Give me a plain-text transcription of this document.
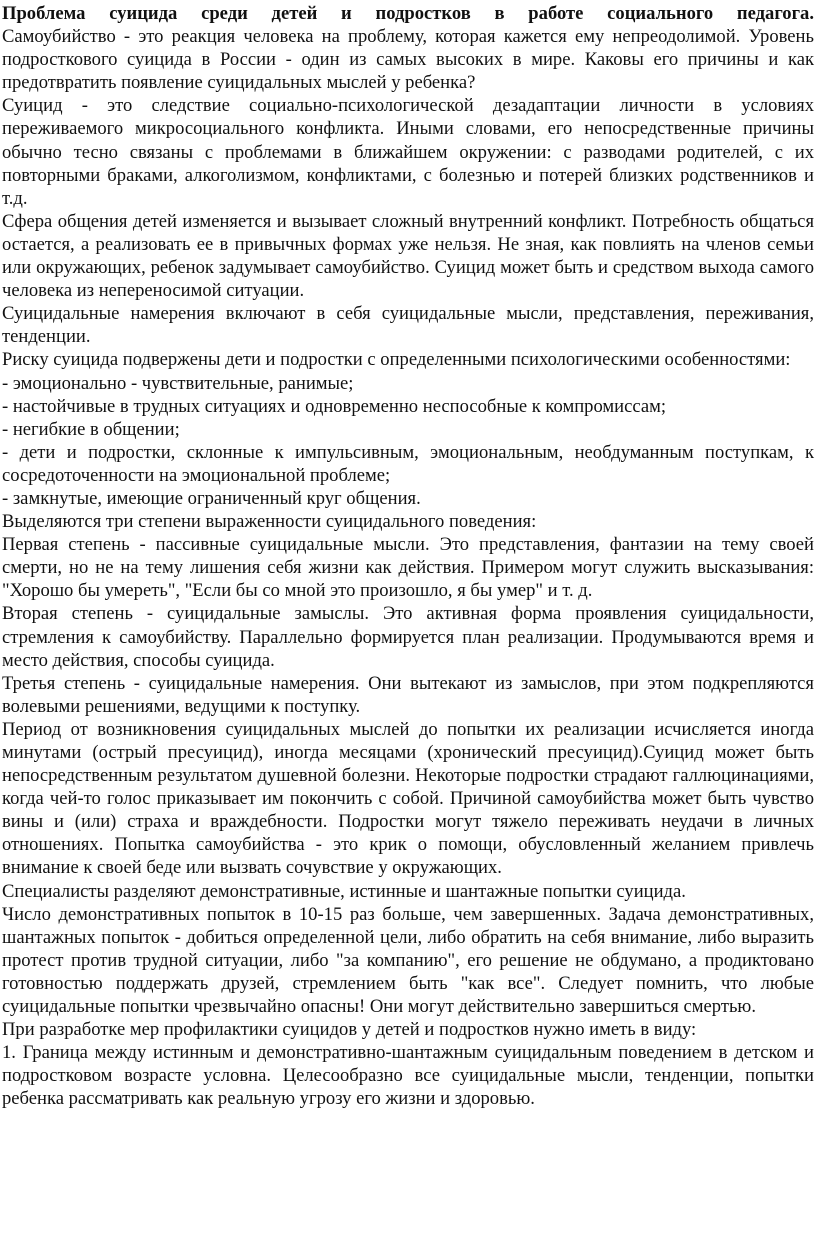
Проблема суицида среди детей и подростков в работе социального педагога.

Самоубийство - это реакция человека на проблему, которая кажется ему непреодолимой. Уровень подросткового суицида в России - один из самых высоких в мире. Каковы его причины и как предотвратить появление суицидальных мыслей у ребенка?

Суицид - это следствие социально-психологической дезадаптации личности в условиях переживаемого микросоциального конфликта. Иными словами, его непосредственные причины обычно тесно связаны с проблемами в ближайшем окружении: с разводами родителей, с их повторными браками, алкоголизмом, конфликтами, с болезнью и потерей близких родственников и т.д.

Сфера общения детей изменяется и вызывает сложный внутренний конфликт. Потребность общаться остается, а реализовать ее в привычных формах уже нельзя. Не зная, как повлиять на членов семьи или окружающих, ребенок задумывает самоубийство. Суицид может быть и средством выхода самого человека из непереносимой ситуации.

Суицидальные намерения включают в себя суицидальные мысли, представления, переживания, тенденции.

Риску суицида подвержены дети и подростки с определенными психологическими особенностями:

- эмоционально - чувствительные, ранимые;

- настойчивые в трудных ситуациях и одновременно неспособные к компромиссам;

- негибкие в общении;

- дети и подростки, склонные к импульсивным, эмоциональным, необдуманным поступкам, к сосредоточенности на эмоциональной проблеме;

- замкнутые, имеющие ограниченный круг общения.

Выделяются три степени выраженности суицидального поведения:

Первая степень - пассивные суицидальные мысли. Это представления, фантазии на тему своей смерти, но не на тему лишения себя жизни как действия. Примером могут служить высказывания: "Хорошо бы умереть", "Если бы со мной это произошло, я бы умер" и т. д.

Вторая степень - суицидальные замыслы. Это активная форма проявления суицидальности, стремления к самоубийству. Параллельно формируется план реализации. Продумываются время и место действия, способы суицида.

Третья степень - суицидальные намерения. Они вытекают из замыслов, при этом подкрепляются волевыми решениями, ведущими к поступку.

Период от возникновения суицидальных мыслей до попытки их реализации исчисляется иногда минутами (острый пресуицид), иногда месяцами (хронический пресуицид).Суицид может быть непосредственным результатом душевной болезни. Некоторые подростки страдают галлюцинациями, когда чей-то голос приказывает им покончить с собой. Причиной самоубийства может быть чувство вины и (или) страха и враждебности. Подростки могут тяжело переживать неудачи в личных отношениях. Попытка самоубийства - это крик о помощи, обусловленный желанием привлечь внимание к своей беде или вызвать сочувствие у окружающих.

Специалисты разделяют демонстративные, истинные и шантажные попытки суицида.

Число демонстративных попыток в 10-15 раз больше, чем завершенных. Задача демонстративных, шантажных попыток - добиться определенной цели, либо обратить на себя внимание, либо выразить протест против трудной ситуации, либо "за компанию", его решение не обдумано, а продиктовано готовностью поддержать друзей, стремлением быть "как все". Следует помнить, что любые суицидальные попытки чрезвычайно опасны! Они могут действительно завершиться смертью.

При разработке мер профилактики суицидов у детей и подростков нужно иметь в виду:

1. Граница между истинным и демонстративно-шантажным суицидальным поведением в детском и подростковом возрасте условна. Целесообразно все суицидальные мысли, тенденции, попытки ребенка рассматривать как реальную угрозу его жизни и здоровью.
